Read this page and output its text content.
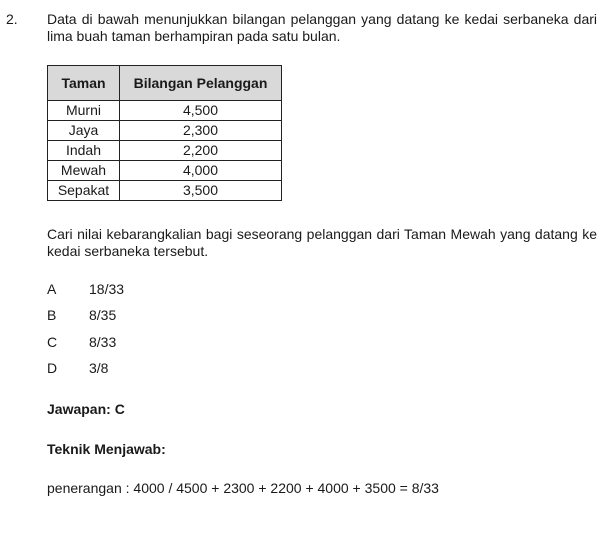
2. Data di bawah menunjukkan bilangan pelanggan yang datang ke kedai serbaneka dari lima buah taman berhampiran pada satu bulan.
Taman	Bilangan Pelanggan
Murni	4,500
Jaya	2,300
Indah	2,200
Mewah	4,000
Sepakat	3,500
Cari nilai kebarangkalian bagi seseorang pelanggan dari Taman Mewah yang datang ke kedai serbaneka tersebut.
A 18/33
B 8/35
C 8/33
D 3/8
Jawapan: C
Teknik Menjawab:
penerangan : 4000 / 4500 + 2300 + 2200 + 4000 + 3500 = 8/33
